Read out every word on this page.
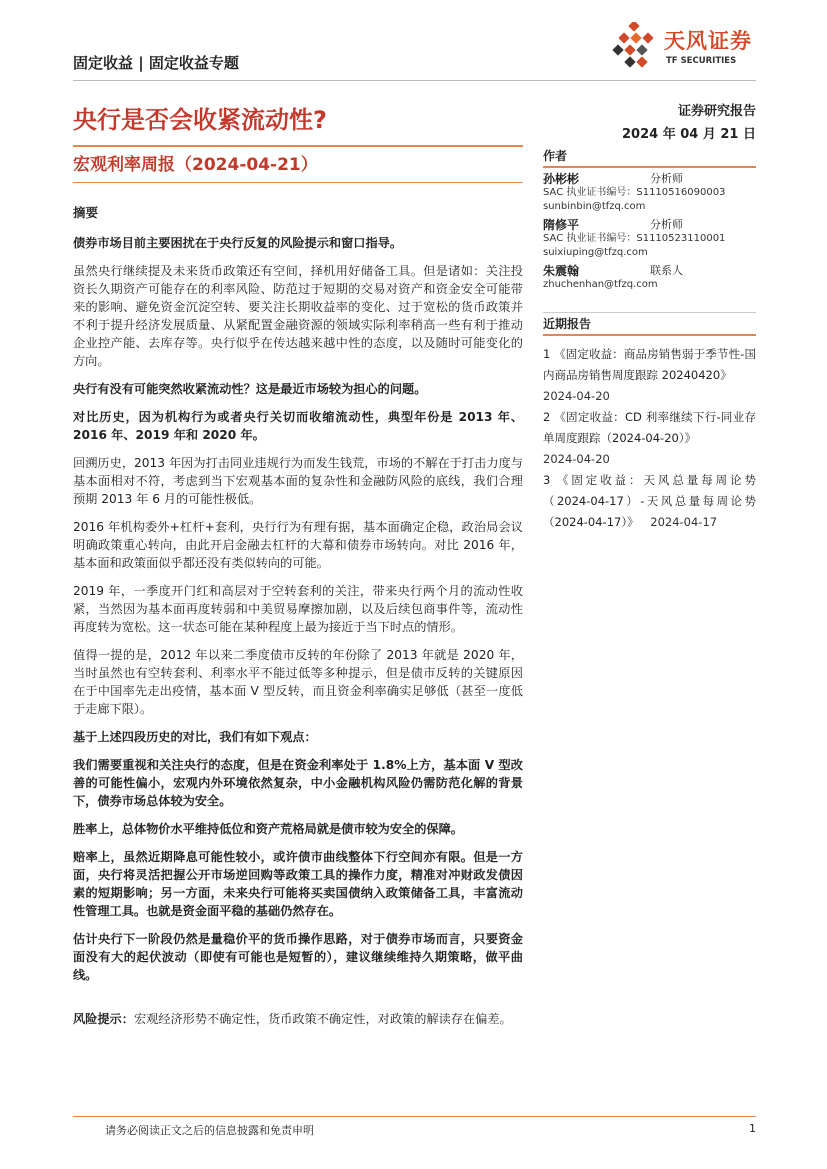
固定收益 | 固定收益专题
天风证券
TF SECURITIES
央行是否会收紧流动性?
宏观利率周报（2024-04-21）
证券研究报告
2024 年 04 月 21 日
摘要

债券市场目前主要困扰在于央行反复的风险提示和窗口指导。

虽然央行继续提及未来货币政策还有空间，择机用好储备工具。但是诸如：关注投资长久期资产可能存在的利率风险、防范过于短期的交易对资产和资金安全可能带来的影响、避免资金沉淀空转、要关注长期收益率的变化、过于宽松的货币政策并不利于提升经济发展质量、从紧配置金融资源的领域实际利率稍高一些有利于推动企业控产能、去库存等。央行似乎在传达越来越中性的态度，以及随时可能变化的方向。

央行有没有可能突然收紧流动性？这是最近市场较为担心的问题。

对比历史，因为机构行为或者央行关切而收缩流动性，典型年份是 2013 年、2016 年、2019 年和 2020 年。

回溯历史，2013 年因为打击同业违规行为而发生钱荒，市场的不解在于打击力度与基本面相对不符，考虑到当下宏观基本面的复杂性和金融防风险的底线，我们合理预期 2013 年 6 月的可能性极低。

2016 年机构委外+杠杆+套利，央行行为有理有据，基本面确定企稳，政治局会议明确政策重心转向，由此开启金融去杠杆的大幕和债券市场转向。对比 2016 年，基本面和政策面似乎都还没有类似转向的可能。

2019 年，一季度开门红和高层对于空转套利的关注，带来央行两个月的流动性收紧，当然因为基本面再度转弱和中美贸易摩擦加剧，以及后续包商事件等，流动性再度转为宽松。这一状态可能在某种程度上最为接近于当下时点的情形。

值得一提的是，2012 年以来二季度债市反转的年份除了 2013 年就是 2020 年，当时虽然也有空转套利、利率水平不能过低等多种提示，但是债市反转的关键原因在于中国率先走出疫情，基本面 V 型反转，而且资金利率确实足够低（甚至一度低于走廊下限）。

基于上述四段历史的对比，我们有如下观点：

我们需要重视和关注央行的态度，但是在资金利率处于 1.8%上方，基本面 V 型改善的可能性偏小，宏观内外环境依然复杂，中小金融机构风险仍需防范化解的背景下，债券市场总体较为安全。

胜率上，总体物价水平维持低位和资产荒格局就是债市较为安全的保障。

赔率上，虽然近期降息可能性较小，或许债市曲线整体下行空间亦有限。但是一方面，央行将灵活把握公开市场逆回购等政策工具的操作力度，精准对冲财政发债因素的短期影响；另一方面，未来央行可能将买卖国债纳入政策储备工具，丰富流动性管理工具。也就是资金面平稳的基础仍然存在。

估计央行下一阶段仍然是量稳价平的货币操作思路，对于债券市场而言，只要资金面没有大的起伏波动（即使有可能也是短暂的），建议继续维持久期策略，做平曲线。

风险提示：宏观经济形势不确定性，货币政策不确定性，对政策的解读存在偏差。

作者
孙彬彬	分析师
SAC 执业证书编号：S1110516090003
sunbinbin@tfzq.com
隋修平	分析师
SAC 执业证书编号：S1110523110001
suixiuping@tfzq.com
朱震翰	联系人
zhuchenhan@tfzq.com
近期报告
1 《固定收益：商品房销售弱于季节性-国内商品房销售周度跟踪 20240420》
2024-04-20
2 《固定收益：CD 利率继续下行-同业存单周度跟踪（2024-04-20）》
2024-04-20
3 《固定收益：天风总量每周论势（2024-04-17）-天风总量每周论势（2024-04-17）》 2024-04-17
请务必阅读正文之后的信息披露和免责申明	1
